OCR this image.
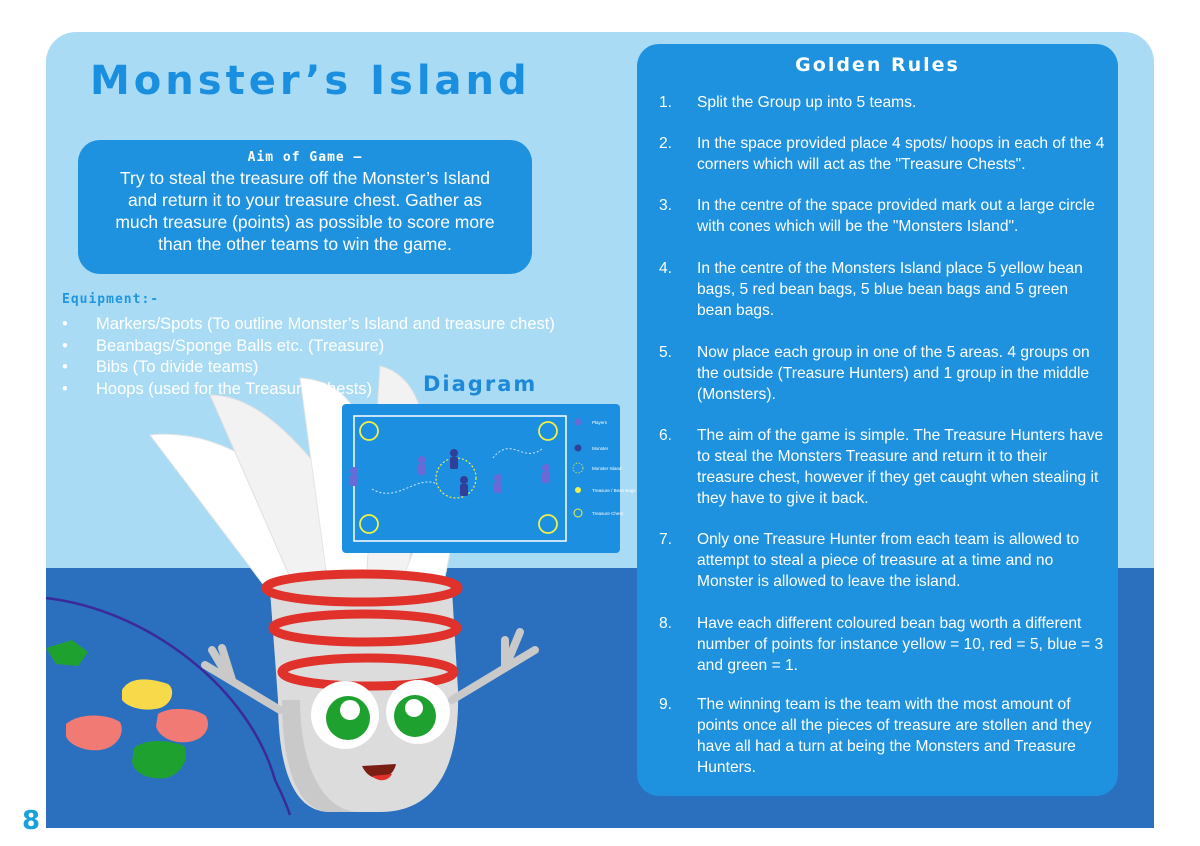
8
Monster’s Island
Aim of Game –
Try to steal the treasure off the Monster’s Island and return it to your treasure chest. Gather as much treasure (points) as possible to score more than the other teams to win the game.
Equipment:-
• Markers/Spots (To outline Monster’s Island and treasure chest)
• Beanbags/Sponge Balls etc. (Treasure)
• Bibs (To divide teams)
• Hoops (used for the Treasure Chests)	Diagram
Players
Monster
Monster Island
Treasure / Bean Bags
Treasure Chest
Golden Rules
1. Split the Group up into 5 teams.
2. In the space provided place 4 spots/ hoops in each of the 4 corners which will act as the "Treasure Chests".
3. In the centre of the space provided mark out a large circle with cones which will be the "Monsters Island".
4. In the centre of the Monsters Island place 5 yellow bean bags, 5 red bean bags, 5 blue bean bags and 5 green bean bags.
5. Now place each group in one of the 5 areas. 4 groups on the outside (Treasure Hunters) and 1 group in the middle (Monsters).
6. The aim of the game is simple. The Treasure Hunters have to steal the Monsters Treasure and return it to their treasure chest, however if they get caught when stealing it they have to give it back.
7. Only one Treasure Hunter from each team is allowed to attempt to steal a piece of treasure at a time and no Monster is allowed to leave the island.
8. Have each different coloured bean bag worth a different number of points for instance yellow = 10, red = 5, blue = 3 and green = 1.
9. The winning team is the team with the most amount of points once all the pieces of treasure are stollen and they have all had a turn at being the Monsters and Treasure Hunters.
